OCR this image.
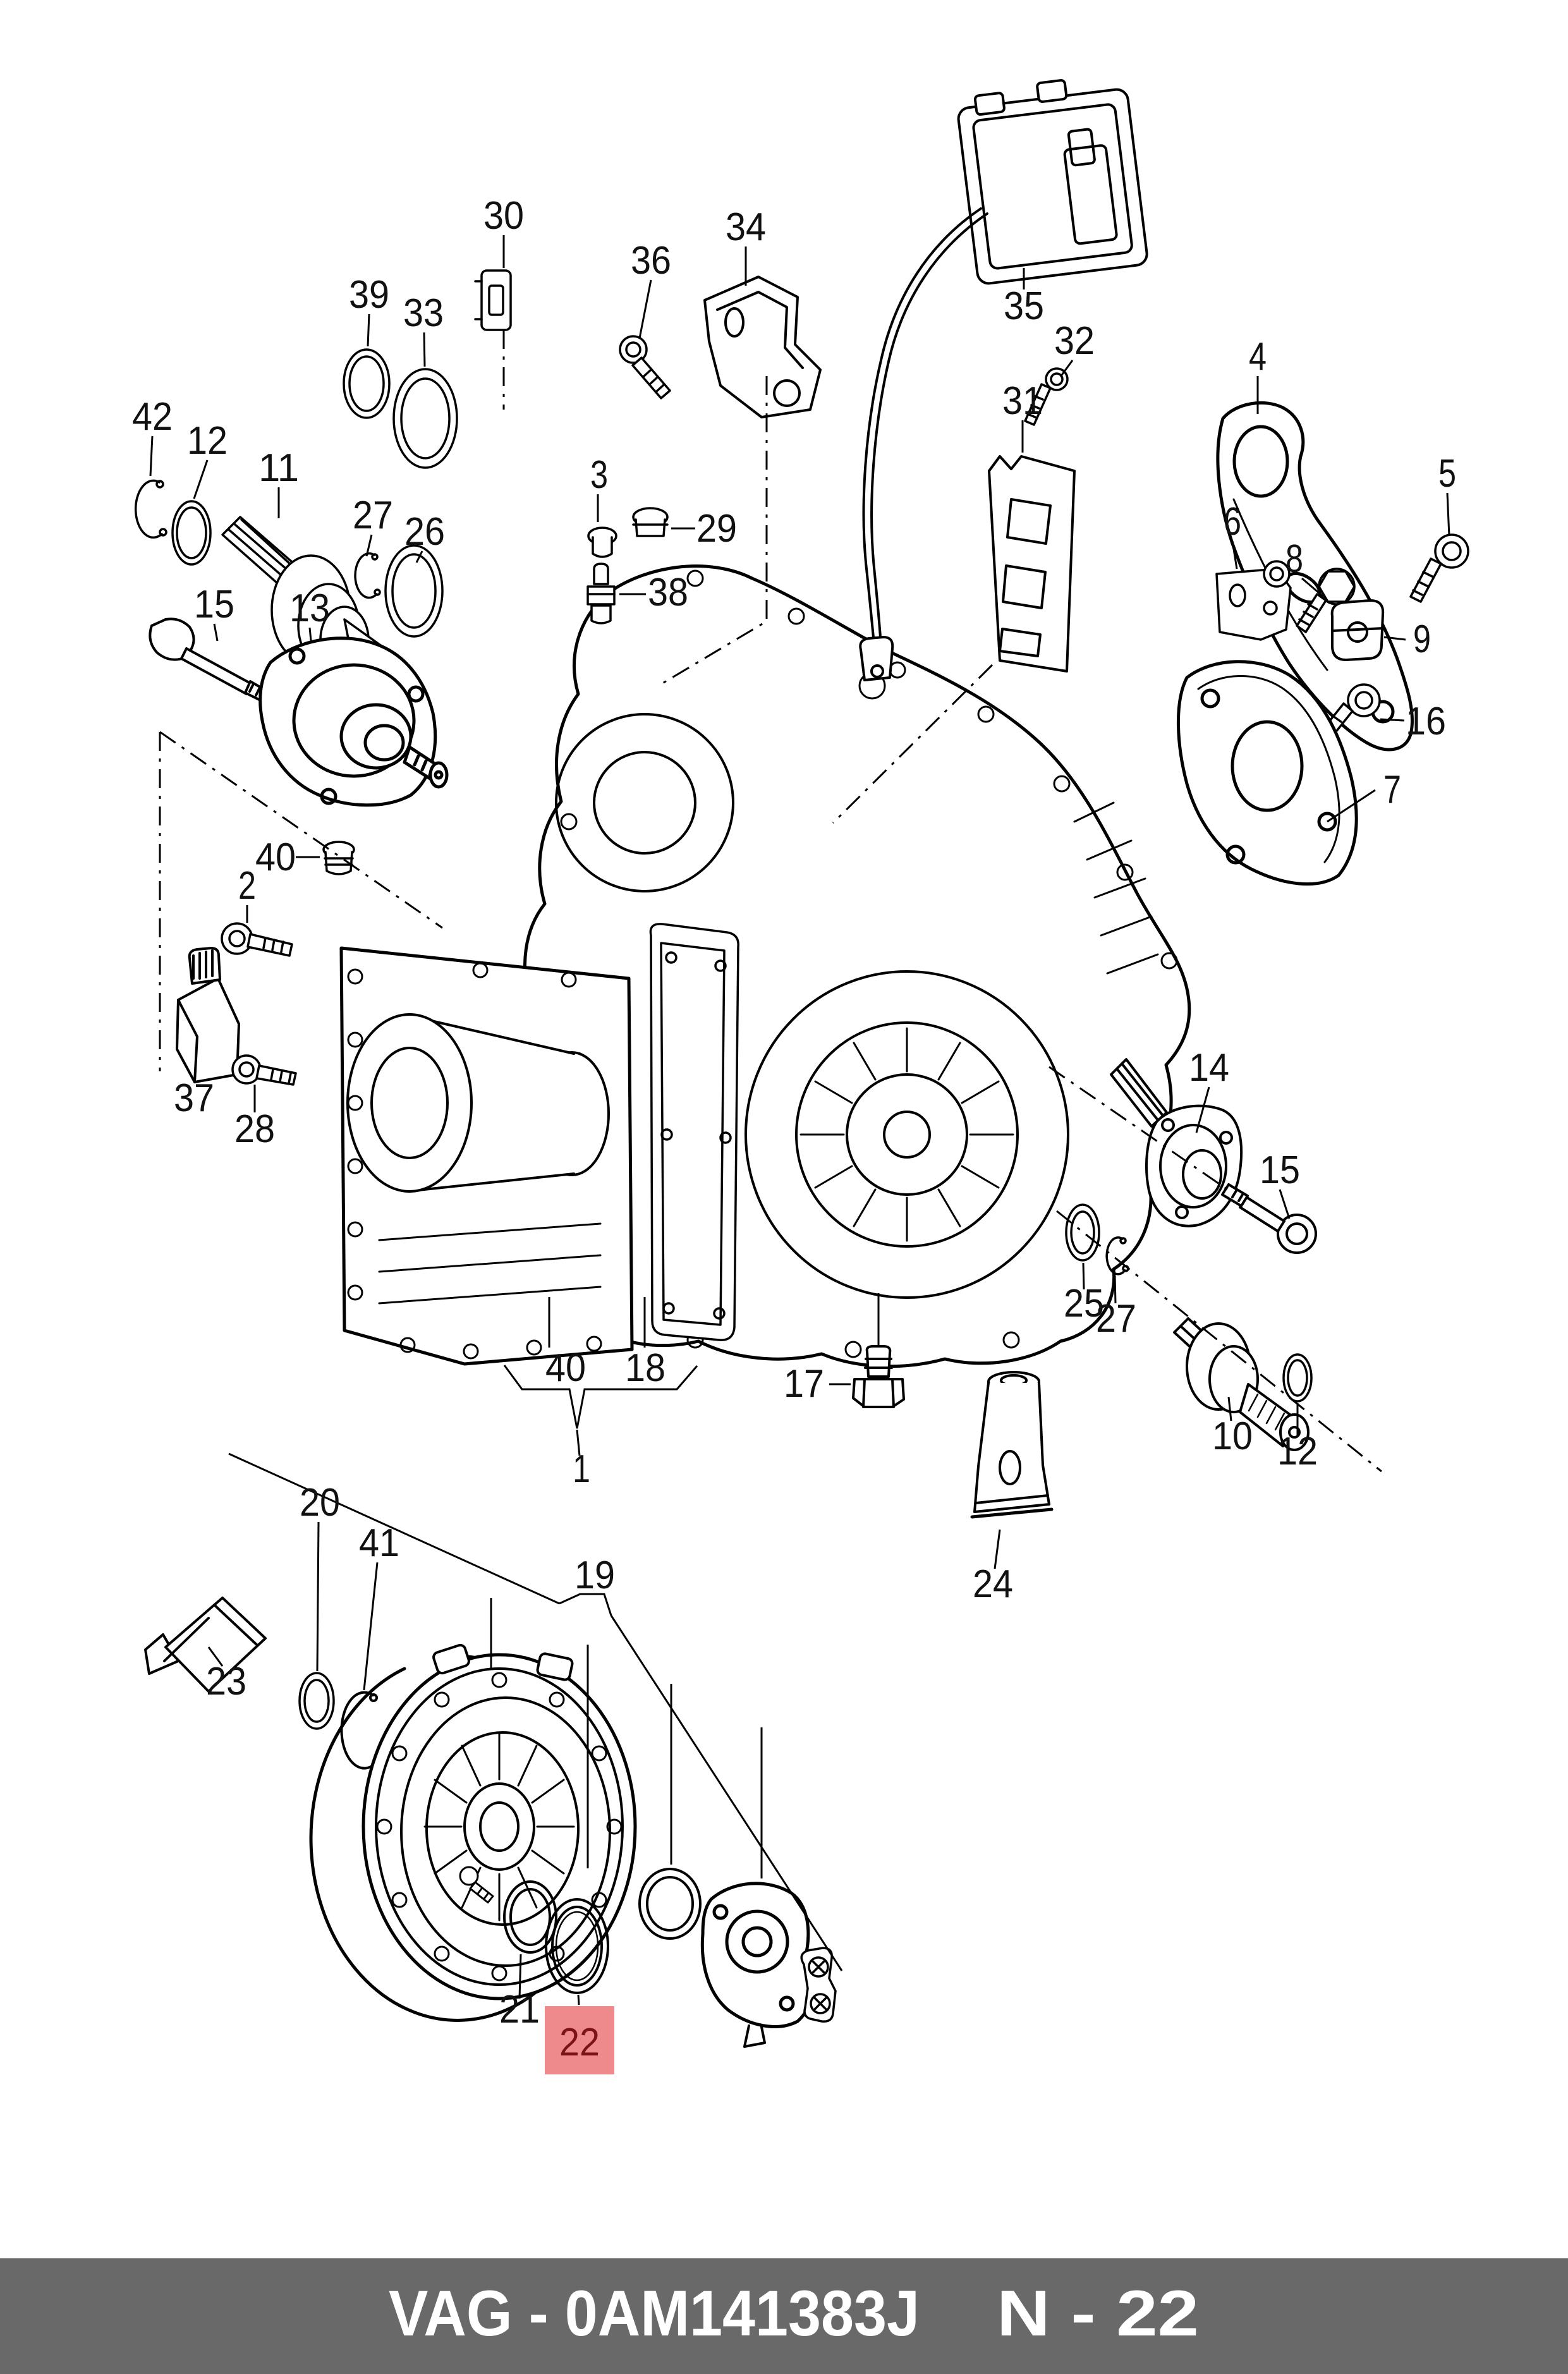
39 33
42
12
11
30
36
34
35
32
31
4
5
6
8
9
16
7
27 26
3
29
38
15 13
40
2
37
28
40 18
1
17
14
15
25
27
10 12
24
20
41
23
19
21
22
VAG - 0AM141383J N - 22
